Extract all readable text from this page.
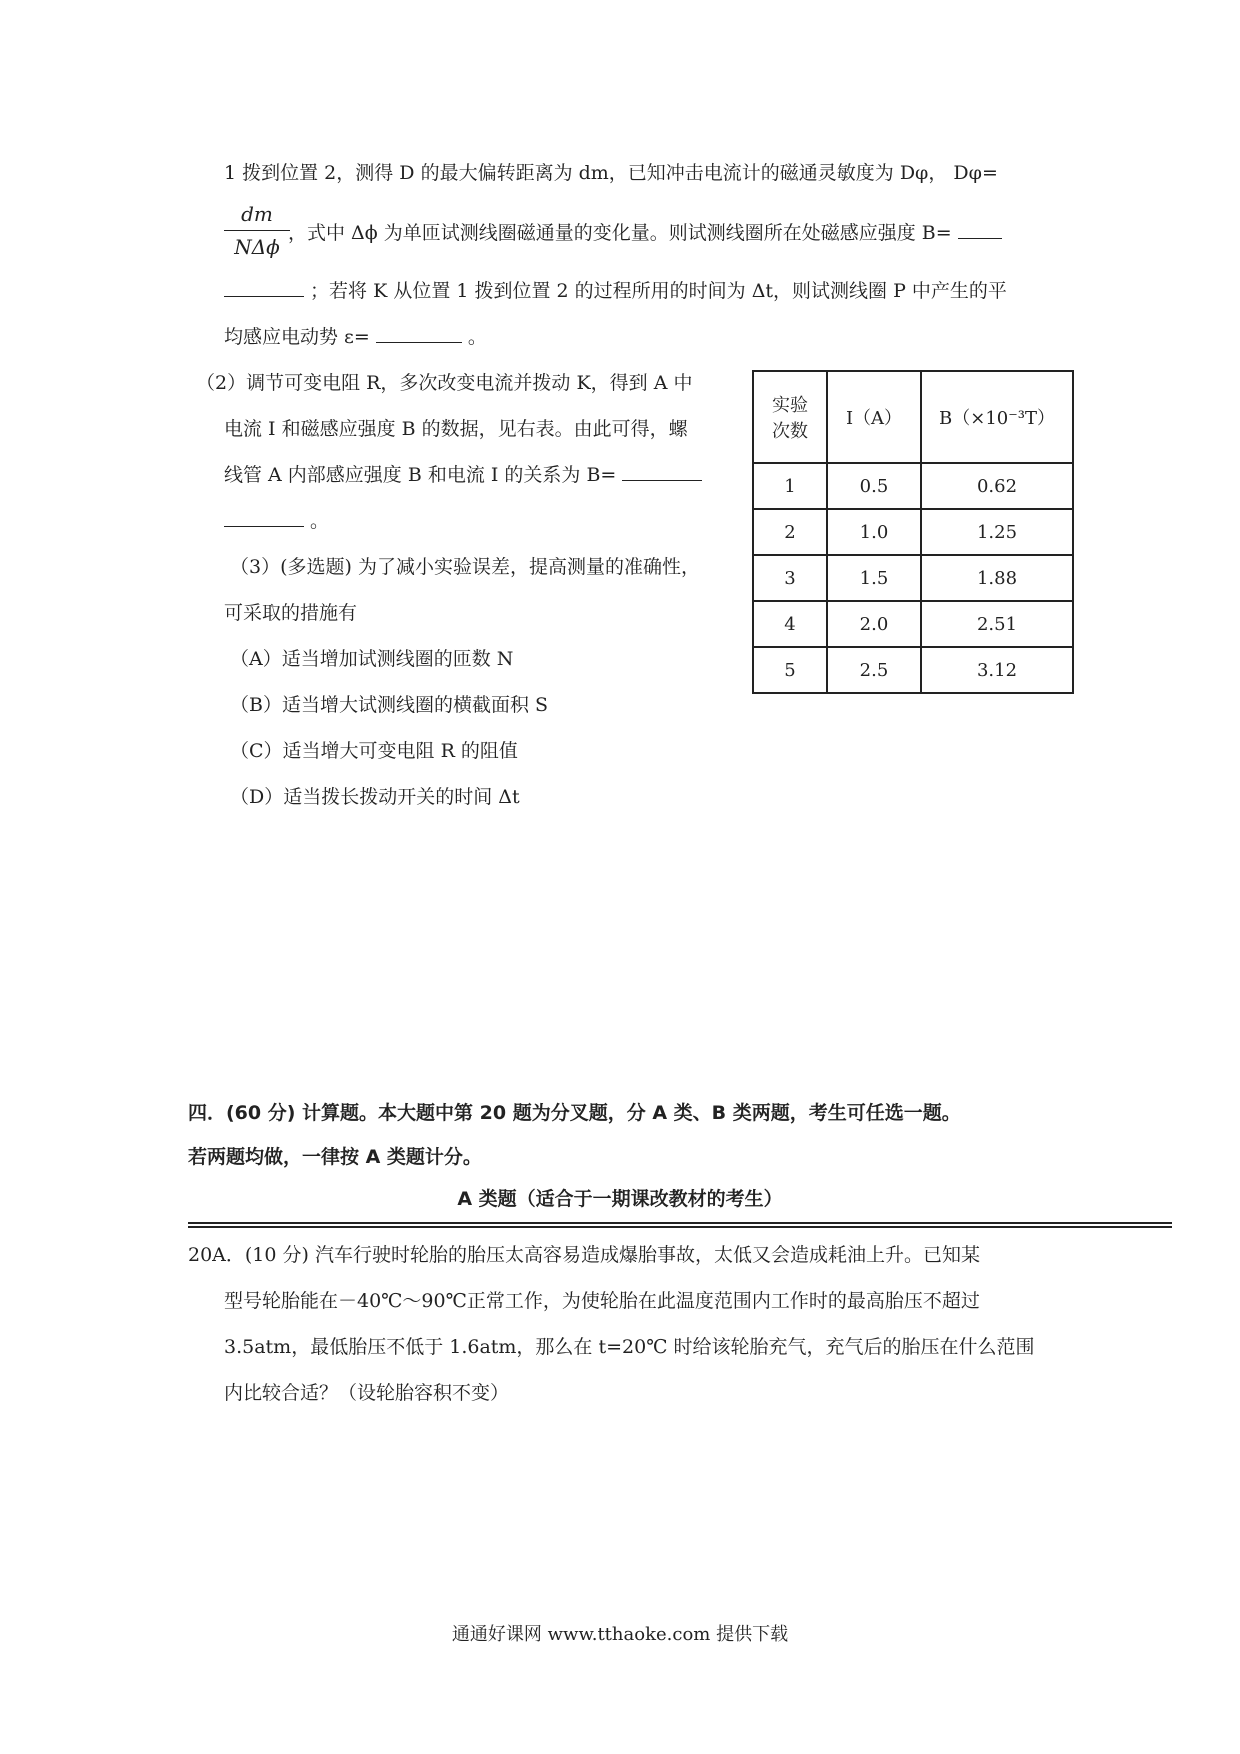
1 拨到位置 2，测得 D 的最大偏转距离为 dm，已知冲击电流计的磁通灵敏度为 Dφ， Dφ=
dm
NΔϕ
，式中 Δϕ 为单匝试测线圈磁通量的变化量。则试测线圈所在处磁感应强度 B=
；若将 K 从位置 1 拨到位置 2 的过程所用的时间为 Δt，则试测线圈 P 中产生的平
均感应电动势 ε=	。
（2）调节可变电阻 R，多次改变电流并拨动 K，得到 A 中
电流 I 和磁感应强度 B 的数据，见右表。由此可得，螺
线管 A 内部感应强度 B 和电流 I 的关系为 B=
。
（3）(多选题) 为了减小实验误差，提高测量的准确性，
可采取的措施有
（A）适当增加试测线圈的匝数 N
（B）适当增大试测线圈的横截面积 S
（C）适当增大可变电阻 R 的阻值
（D）适当拨长拨动开关的时间 Δt
实验
次数	I（A）	B（×10⁻³T）
1	0.5	0.62
2	1.0	1.25
3	1.5	1.88
4	2.0	2.51
5	2.5	3.12
四．(60 分) 计算题。本大题中第 20 题为分叉题，分 A 类、B 类两题，考生可任选一题。
若两题均做，一律按 A 类题计分。
A 类题（适合于一期课改教材的考生）
20A．(10 分) 汽车行驶时轮胎的胎压太高容易造成爆胎事故，太低又会造成耗油上升。已知某
型号轮胎能在－40℃～90℃正常工作，为使轮胎在此温度范围内工作时的最高胎压不超过
3.5atm，最低胎压不低于 1.6atm，那么在 t=20℃ 时给该轮胎充气，充气后的胎压在什么范围
内比较合适？（设轮胎容积不变）
通通好课网 www.tthaoke.com 提供下载
